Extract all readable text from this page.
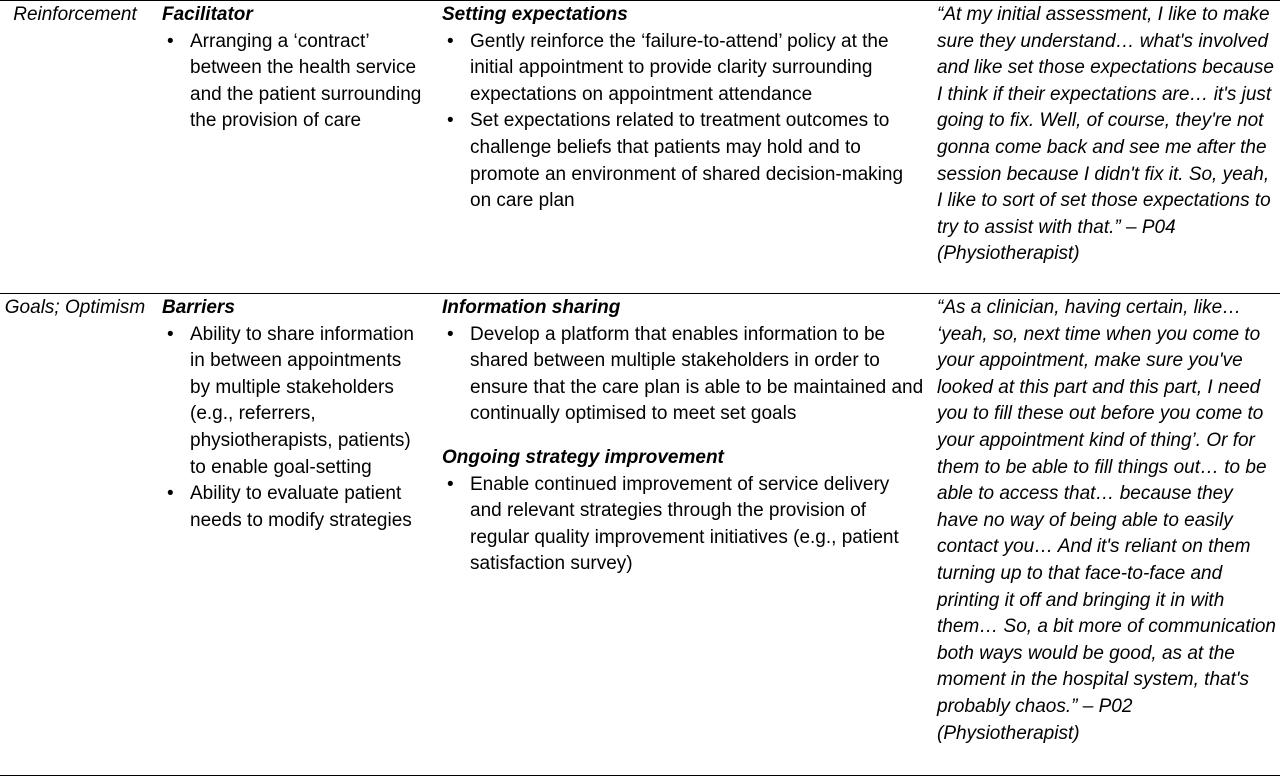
Reinforcement	Facilitator
• Arranging a ‘contract’ between the health service and the patient surrounding the provision of care
Setting expectations
• Gently reinforce the ‘failure-to-attend’ policy at the initial appointment to provide clarity surrounding expectations on appointment attendance
• Set expectations related to treatment outcomes to challenge beliefs that patients may hold and to promote an environment of shared decision-making on care plan

“At my initial assessment, I like to make sure they understand… what's involved and like set those expectations because I think if their expectations are… it's just going to fix. Well, of course, they're not gonna come back and see me after the session because I didn't fix it. So, yeah, I like to sort of set those expectations to try to assist with that.” – P04 (Physiotherapist)

Goals; Optimism Barriers
• Ability to share information in between appointments by multiple stakeholders (e.g., referrers, physiotherapists, patients) to enable goal-setting
• Ability to evaluate patient needs to modify strategies
Information sharing
• Develop a platform that enables information to be shared between multiple stakeholders in order to ensure that the care plan is able to be maintained and continually optimised to meet set goals
Ongoing strategy improvement
• Enable continued improvement of service delivery and relevant strategies through the provision of regular quality improvement initiatives (e.g., patient satisfaction survey)

“As a clinician, having certain, like… ‘yeah, so, next time when you come to your appointment, make sure you've looked at this part and this part, I need you to fill these out before you come to your appointment kind of thing’. Or for them to be able to fill things out… to be able to access that… because they have no way of being able to easily contact you… And it's reliant on them turning up to that face-to-face and printing it off and bringing it in with them… So, a bit more of communication both ways would be good, as at the moment in the hospital system, that's probably chaos.” – P02 (Physiotherapist)
